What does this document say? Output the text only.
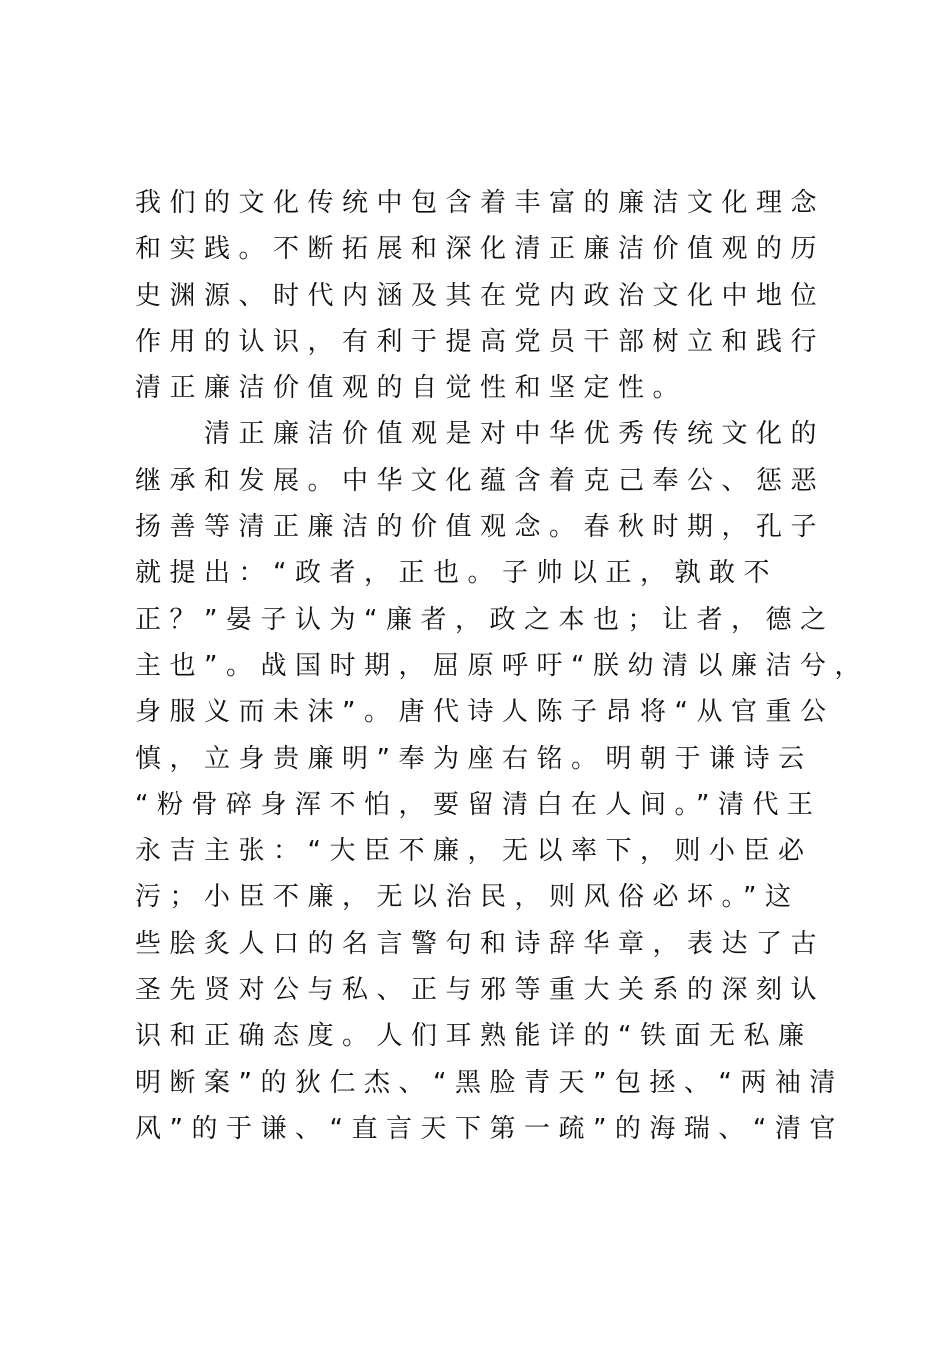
我们的文化传统中包含着丰富的廉洁文化理念
和实践。不断拓展和深化清正廉洁价值观的历
史渊源、时代内涵及其在党内政治文化中地位
作用的认识，有利于提高党员干部树立和践行
清正廉洁价值观的自觉性和坚定性。
　　清正廉洁价值观是对中华优秀传统文化的
继承和发展。中华文化蕴含着克己奉公、惩恶
扬善等清正廉洁的价值观念。春秋时期，孔子
就提出：“政者，正也。子帅以正，孰敢不
正？”晏子认为“廉者，政之本也；让者，德之
主也”。战国时期，屈原呼吁“朕幼清以廉洁兮，
身服义而未沫”。唐代诗人陈子昂将“从官重公
慎，立身贵廉明”奉为座右铭。明朝于谦诗云
“粉骨碎身浑不怕，要留清白在人间。”清代王
永吉主张：“大臣不廉，无以率下，则小臣必
污；小臣不廉，无以治民，则风俗必坏。”这
些脍炙人口的名言警句和诗辞华章，表达了古
圣先贤对公与私、正与邪等重大关系的深刻认
识和正确态度。人们耳熟能详的“铁面无私廉
明断案”的狄仁杰、“黑脸青天”包拯、“两袖清
风”的于谦、“直言天下第一疏”的海瑞、“清官
